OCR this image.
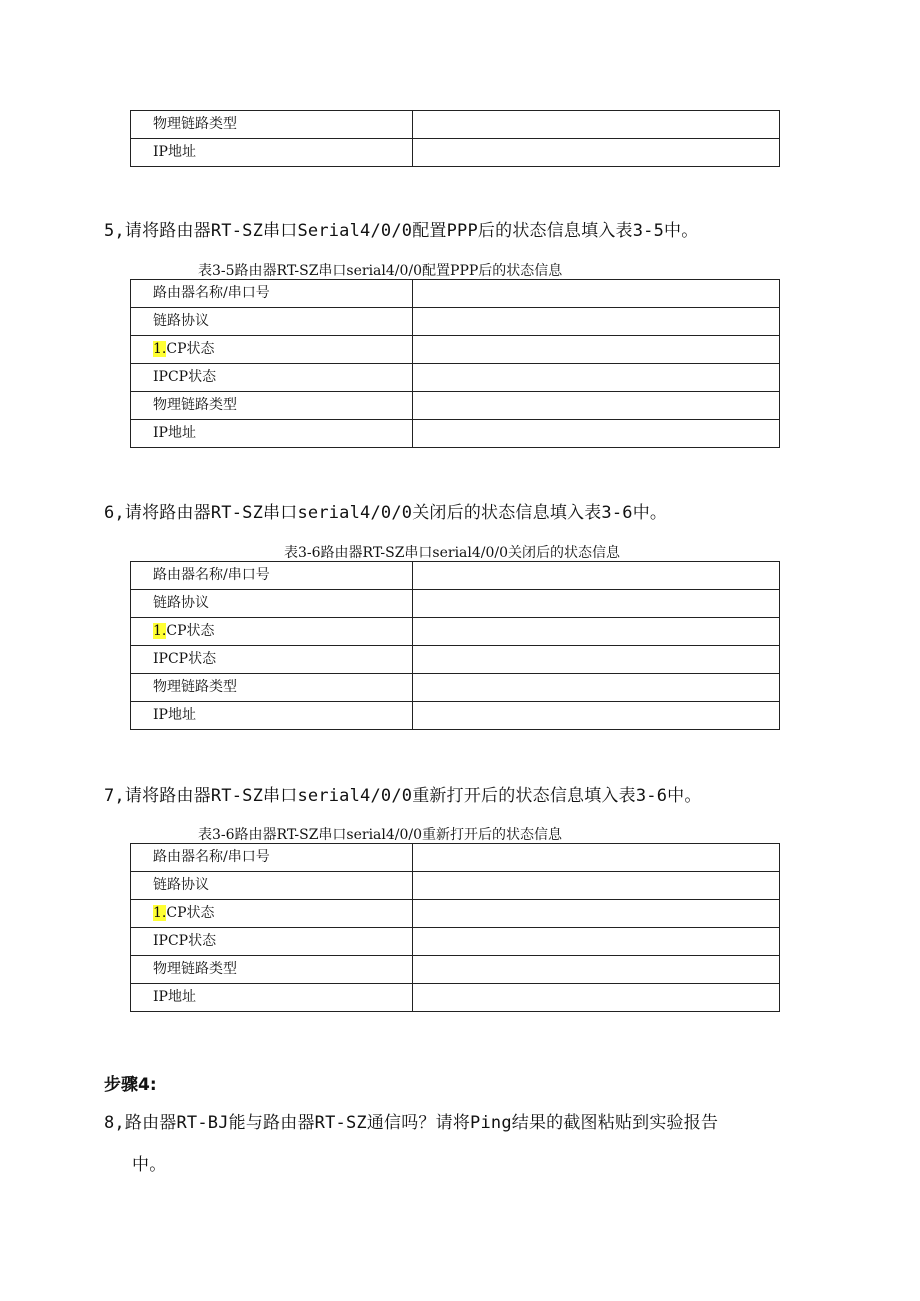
物理链路类型	
IP地址	
5,请将路由器RT-SZ串口Serial4/0/0配置PPP后的状态信息填入表3-5中。
表3-5路由器RT-SZ串口serial4/0/0配置PPP后的状态信息
路由器名称/串口号	
链路协议	
1.CP状态	
IPCP状态	
物理链路类型	
IP地址	
6,请将路由器RT-SZ串口serial4/0/0关闭后的状态信息填入表3-6中。
表3-6路由器RT-SZ串口serial4/0/0关闭后的状态信息
路由器名称/串口号	
链路协议	
1.CP状态	
IPCP状态	
物理链路类型	
IP地址	
7,请将路由器RT-SZ串口serial4/0/0重新打开后的状态信息填入表3-6中。
表3-6路由器RT-SZ串口serial4/0/0重新打开后的状态信息
路由器名称/串口号	
链路协议	
1.CP状态	
IPCP状态	
物理链路类型	
IP地址	
步骤4:
8,路由器RT-BJ能与路由器RT-SZ通信吗？请将Ping结果的截图粘贴到实验报告
中。
